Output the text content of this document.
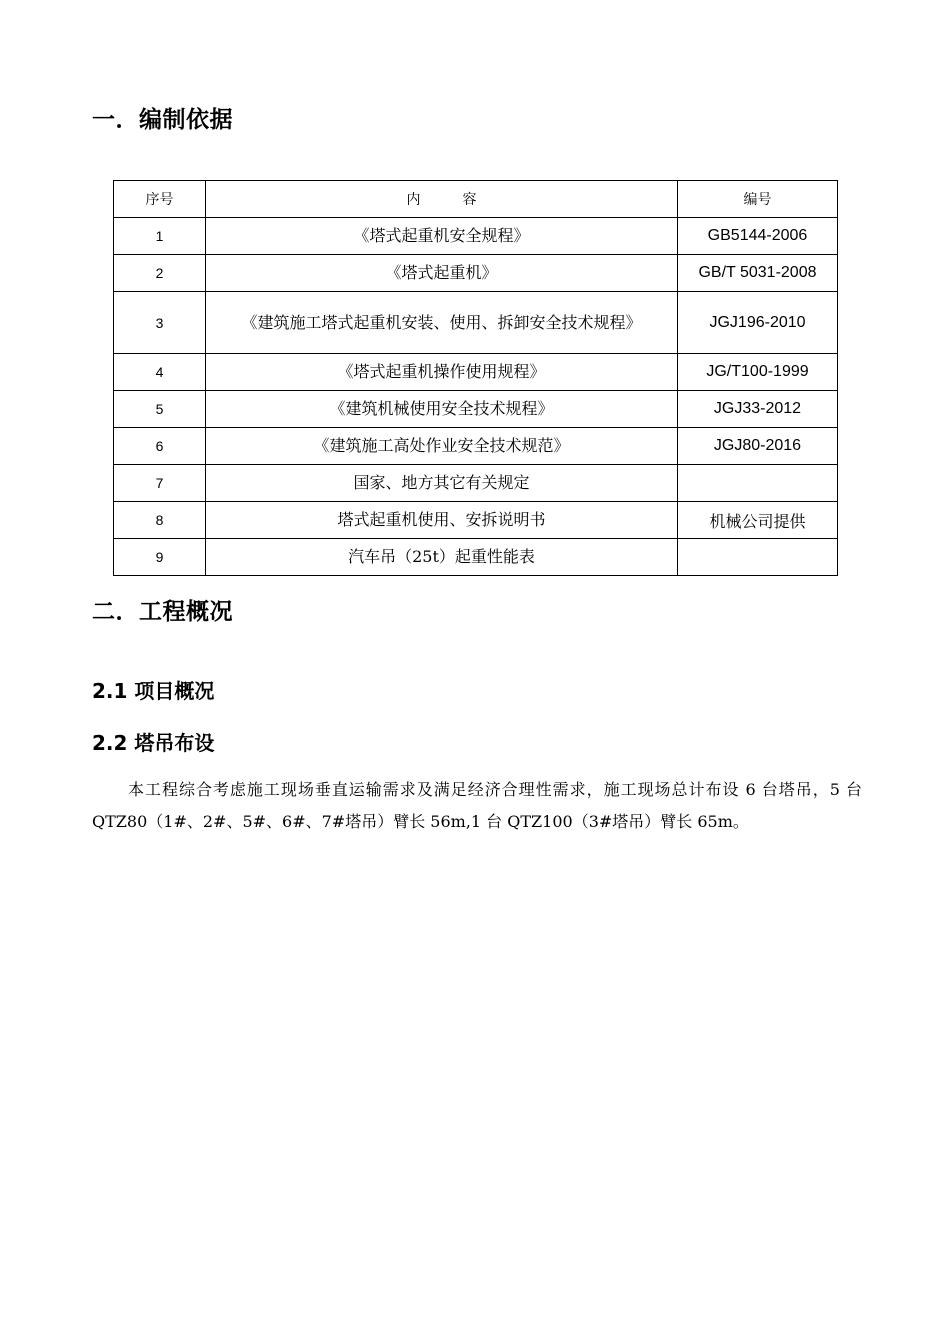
一．编制依据
序号	内　　　容	编号
1	《塔式起重机安全规程》	GB5144-2006
2	《塔式起重机》	GB/T 5031-2008
3	《建筑施工塔式起重机安装、使用、拆卸安全技术规程》	JGJ196-2010
4	《塔式起重机操作使用规程》	JG/T100-1999
5	《建筑机械使用安全技术规程》	JGJ33-2012
6	《建筑施工高处作业安全技术规范》	JGJ80-2016
7	国家、地方其它有关规定	
8	塔式起重机使用、安拆说明书	机械公司提供
9	汽车吊（25t）起重性能表	
二．工程概况
2.1 项目概况
2.2 塔吊布设

本工程综合考虑施工现场垂直运输需求及满足经济合理性需求，施工现场总计布设 6 台塔吊，5 台 QTZ80（1#、2#、5#、6#、7#塔吊）臂长 56m,1 台 QTZ100（3#塔吊）臂长 65m。
